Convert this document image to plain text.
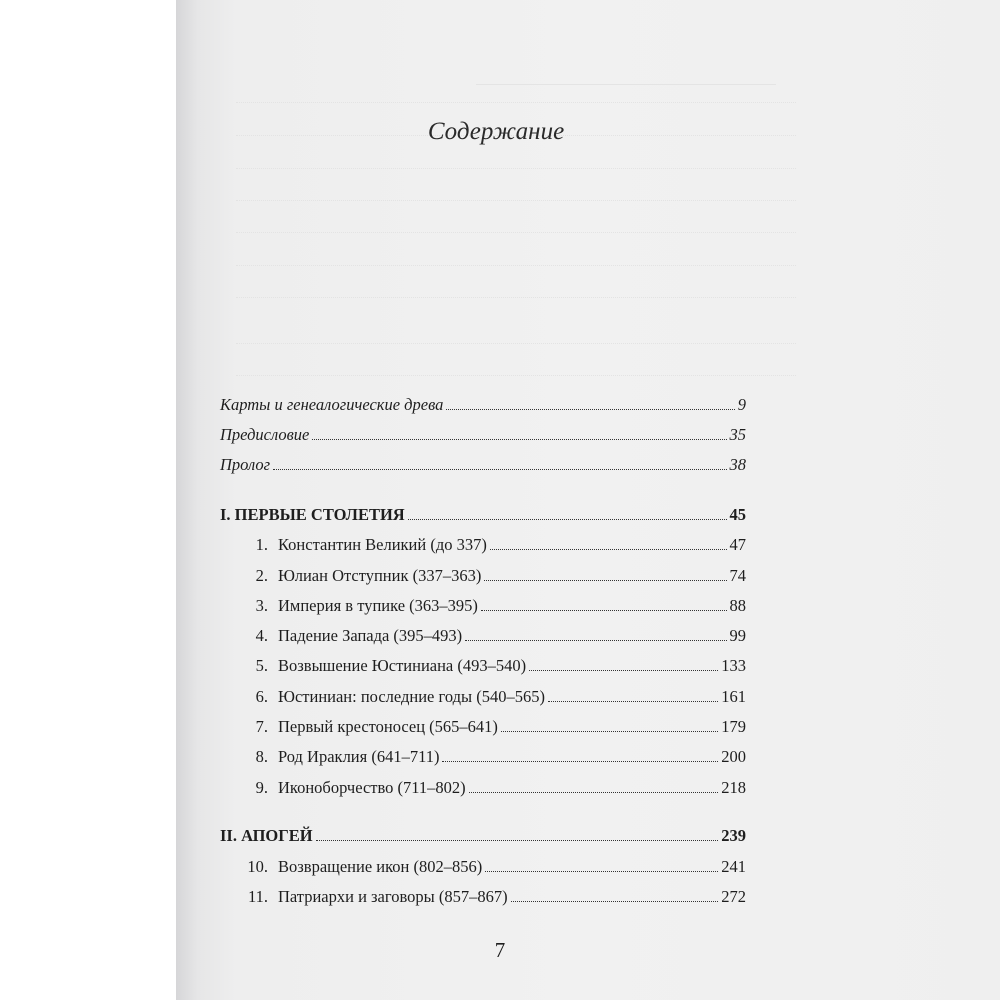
Содержание
Карты и генеалогические древа	9
Предисловие	35
Пролог	38
I. ПЕРВЫЕ СТОЛЕТИЯ	45
1. Константин Великий (до 337)	47
2. Юлиан Отступник (337–363)	74
3. Империя в тупике (363–395)	88
4. Падение Запада (395–493)	99
5. Возвышение Юстиниана (493–540)	133
6. Юстиниан: последние годы (540–565)	161
7. Первый крестоносец (565–641)	179
8. Род Ираклия (641–711)	200
9. Иконоборчество (711–802)	218
II. АПОГЕЙ	239
10. Возвращение икон (802–856)	241
11. Патриархи и заговоры (857–867)	272
7
